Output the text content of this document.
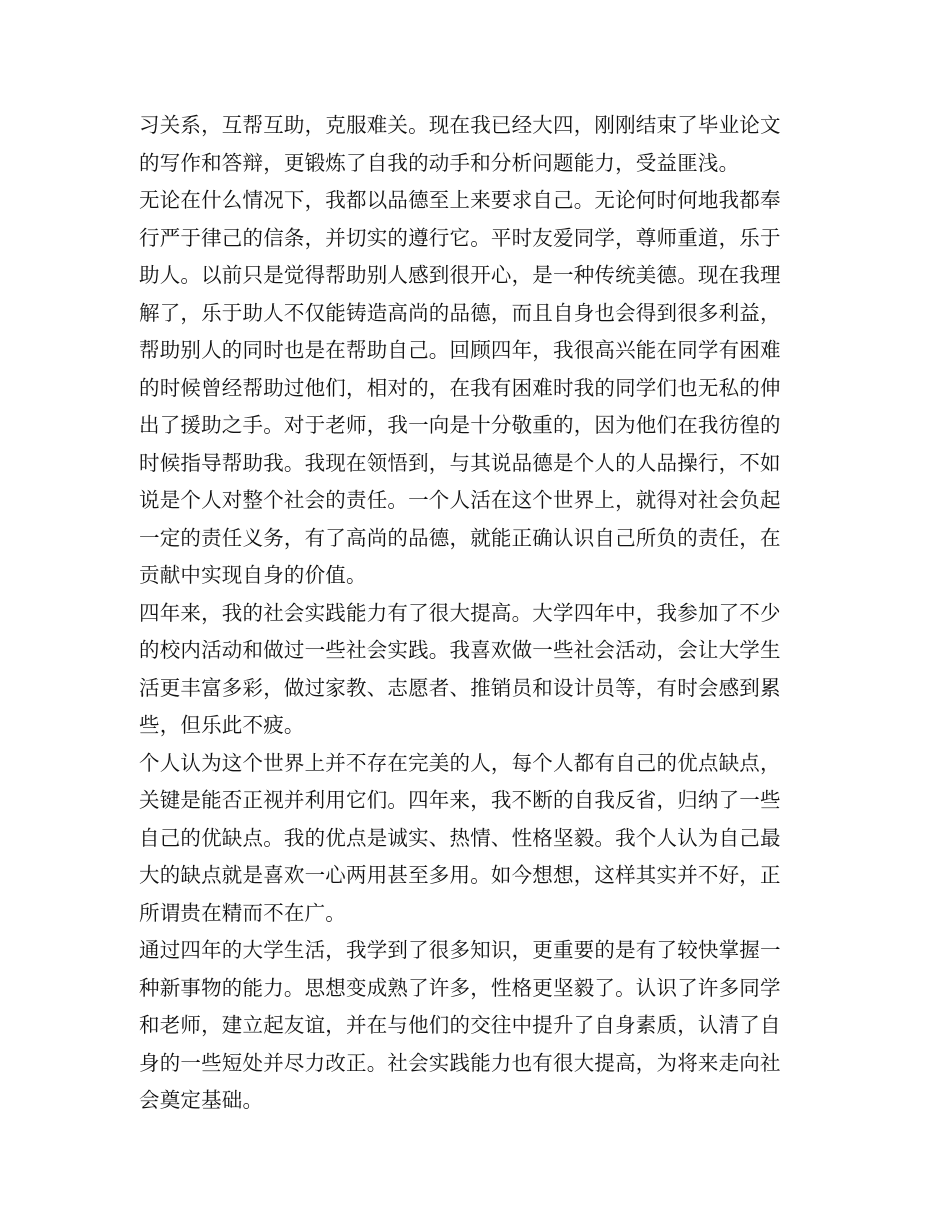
习关系，互帮互助，克服难关。现在我已经大四，刚刚结束了毕业论文
的写作和答辩，更锻炼了自我的动手和分析问题能力，受益匪浅。
无论在什么情况下，我都以品德至上来要求自己。无论何时何地我都奉
行严于律己的信条，并切实的遵行它。平时友爱同学，尊师重道，乐于
助人。以前只是觉得帮助别人感到很开心，是一种传统美德。现在我理
解了，乐于助人不仅能铸造高尚的品德，而且自身也会得到很多利益，
帮助别人的同时也是在帮助自己。回顾四年，我很高兴能在同学有困难
的时候曾经帮助过他们，相对的，在我有困难时我的同学们也无私的伸
出了援助之手。对于老师，我一向是十分敬重的，因为他们在我彷徨的
时候指导帮助我。我现在领悟到，与其说品德是个人的人品操行，不如
说是个人对整个社会的责任。一个人活在这个世界上，就得对社会负起
一定的责任义务，有了高尚的品德，就能正确认识自己所负的责任，在
贡献中实现自身的价值。
四年来，我的社会实践能力有了很大提高。大学四年中，我参加了不少
的校内活动和做过一些社会实践。我喜欢做一些社会活动，会让大学生
活更丰富多彩，做过家教、志愿者、推销员和设计员等，有时会感到累
些，但乐此不疲。
个人认为这个世界上并不存在完美的人，每个人都有自己的优点缺点，
关键是能否正视并利用它们。四年来，我不断的自我反省，归纳了一些
自己的优缺点。我的优点是诚实、热情、性格坚毅。我个人认为自己最
大的缺点就是喜欢一心两用甚至多用。如今想想，这样其实并不好，正
所谓贵在精而不在广。
通过四年的大学生活，我学到了很多知识，更重要的是有了较快掌握一
种新事物的能力。思想变成熟了许多，性格更坚毅了。认识了许多同学
和老师，建立起友谊，并在与他们的交往中提升了自身素质，认清了自
身的一些短处并尽力改正。社会实践能力也有很大提高，为将来走向社
会奠定基础。
